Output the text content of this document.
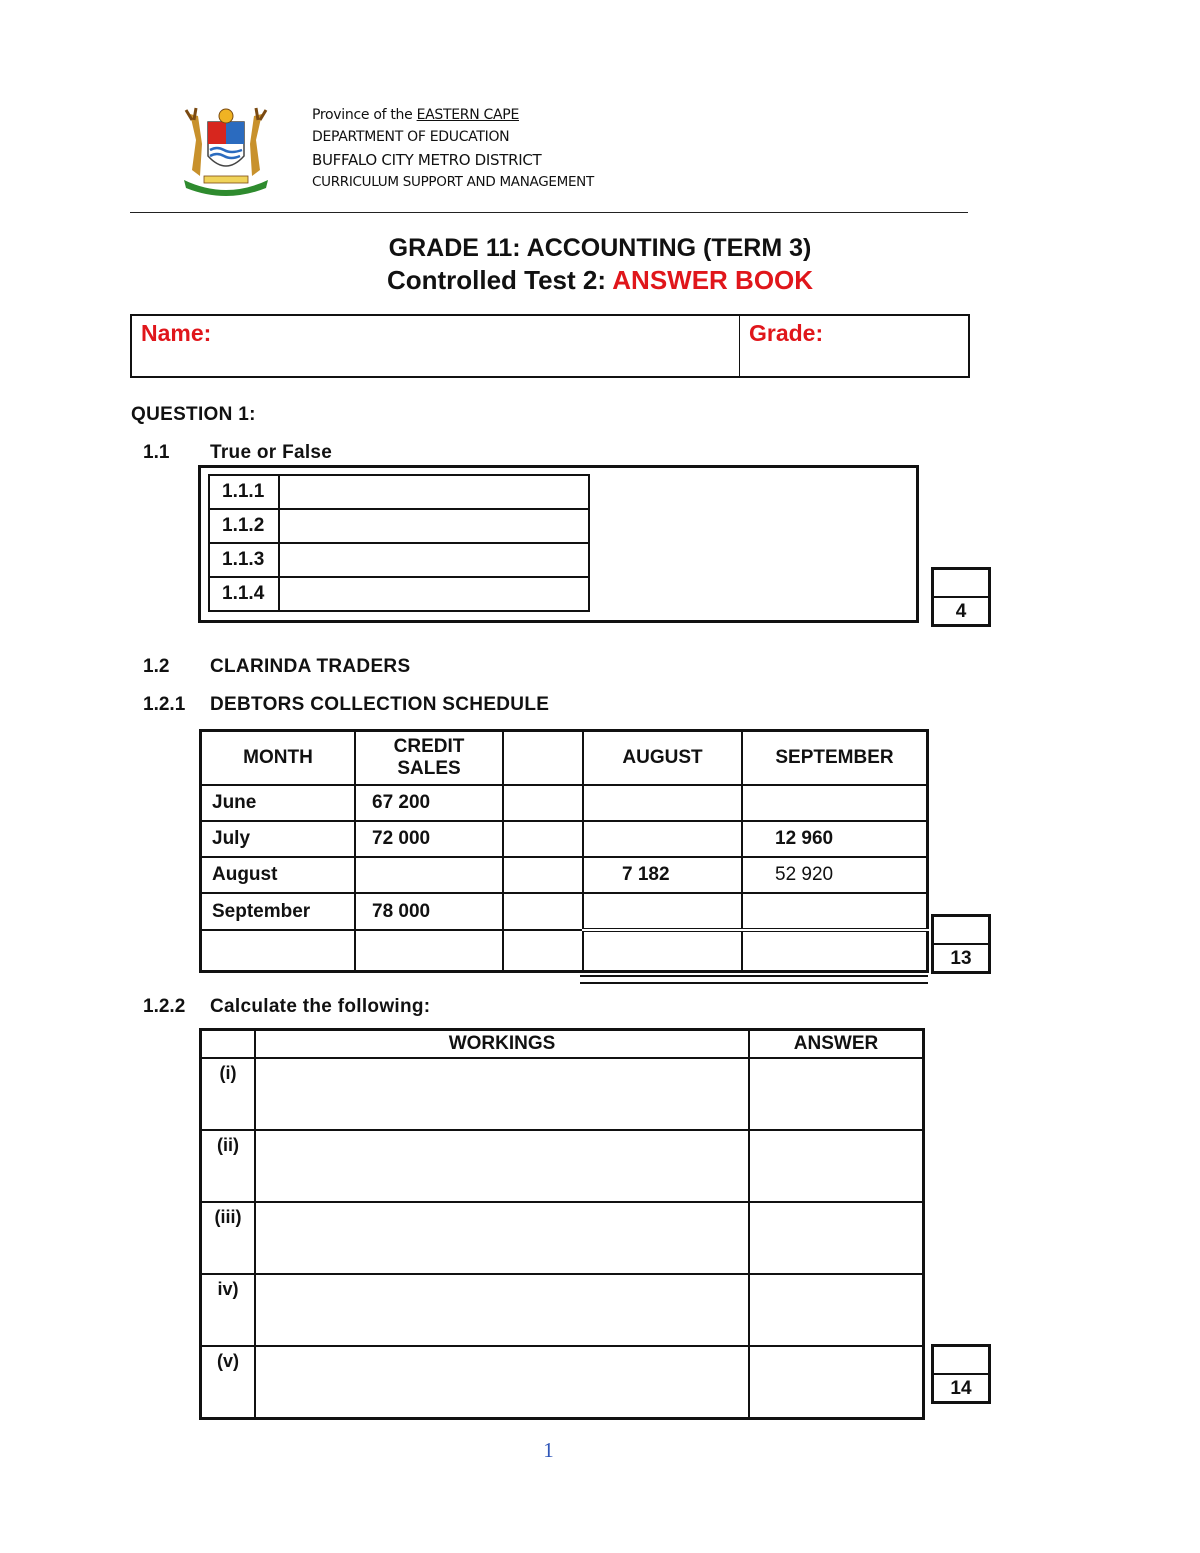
Province of the EASTERN CAPE
DEPARTMENT OF EDUCATION
BUFFALO CITY METRO DISTRICT
CURRICULUM SUPPORT AND MANAGEMENT
GRADE 11: ACCOUNTING (TERM 3)
Controlled Test 2: ANSWER BOOK
Name:	Grade:
QUESTION 1:
1.1 True or False
1.1.1	
1.1.2	
1.1.3	
1.1.4	
4
1.2 CLARINDA TRADERS
1.2.1 DEBTORS COLLECTION SCHEDULE
MONTH	CREDIT SALES		AUGUST	SEPTEMBER
June	67 200			
July	72 000			12 960
August			7 182	52 920
September	78 000			

13
1.2.2 Calculate the following:
	WORKINGS	ANSWER
(i)		
(ii)		
(iii)		
iv)		
(v)		
14
1
